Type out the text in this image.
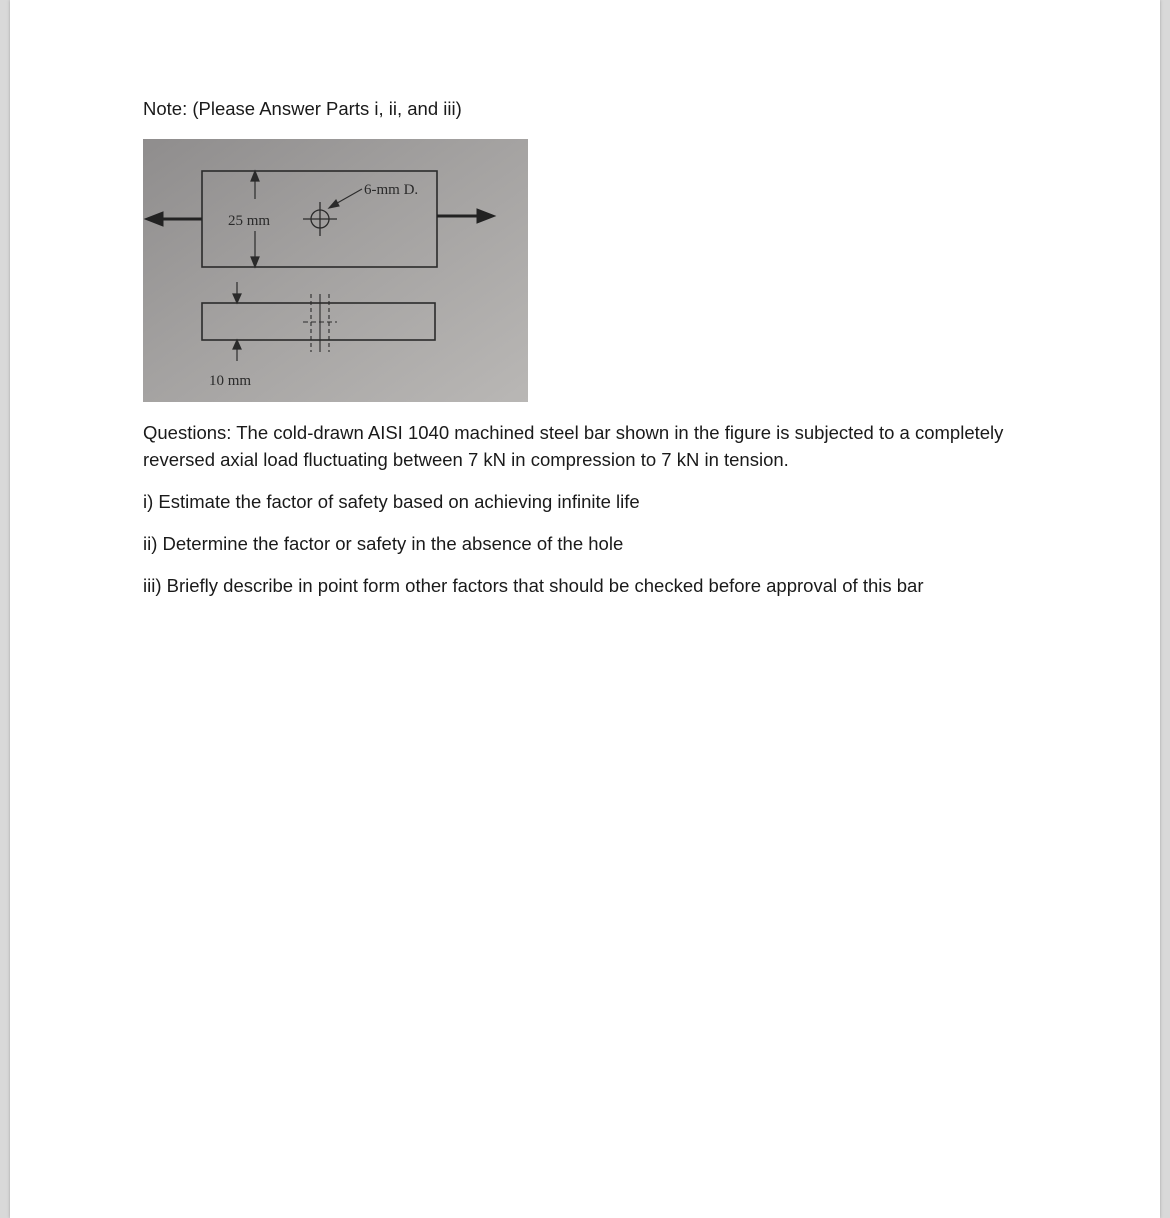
Note: (Please Answer Parts i, ii, and iii)
25 mm
6-mm D.
10 mm
Questions: The cold-drawn AISI 1040 machined steel bar shown in the figure is subjected to a completely reversed axial load fluctuating between 7 kN in compression to 7 kN in tension.
i) Estimate the factor of safety based on achieving infinite life
ii) Determine the factor or safety in the absence of the hole
iii) Briefly describe in point form other factors that should be checked before approval of this bar
